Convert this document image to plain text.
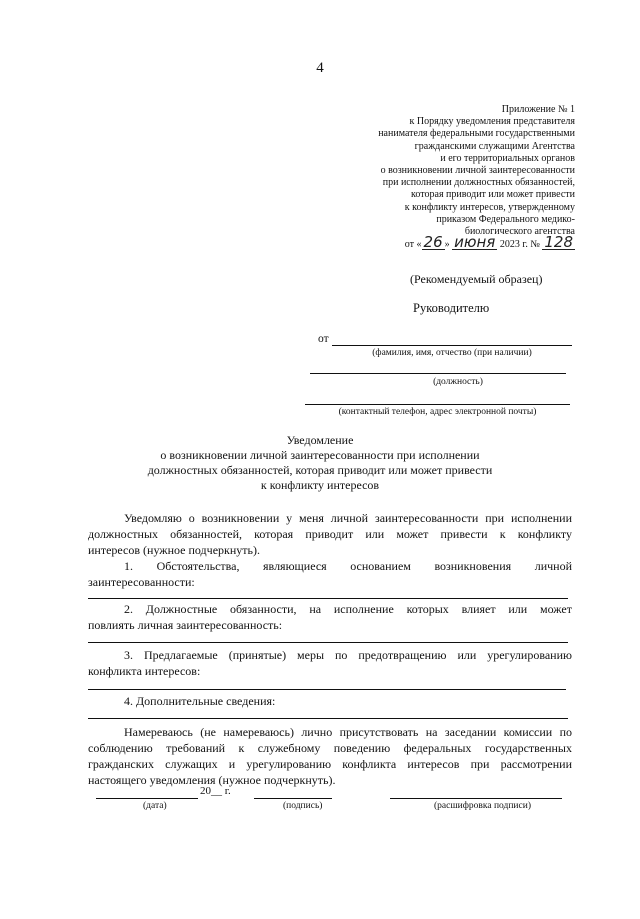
4
Приложение № 1
к Порядку уведомления представителя
нанимателя федеральными государственными
гражданскими служащими Агентства
и его территориальных органов
о возникновении личной заинтересованности
при исполнении должностных обязанностей,
которая приводит или может привести
к конфликту интересов, утвержденному
приказом Федерального медико-
биологического агентства
от « 26 » июня 2023 г. № 128
(Рекомендуемый образец)
Руководителю
от
(фамилия, имя, отчество (при наличии)
(должность)
(контактный телефон, адрес электронной почты)
Уведомление
о возникновении личной заинтересованности при исполнении
должностных обязанностей, которая приводит или может привести
к конфликту интересов
Уведомляю о возникновении у меня личной заинтересованности при исполнении
должностных обязанностей, которая приводит или может привести к конфликту
интересов (нужное подчеркнуть).
1. Обстоятельства, являющиеся основанием возникновения личной
заинтересованности:
2. Должностные обязанности, на исполнение которых влияет или может
повлиять личная заинтересованность:
3. Предлагаемые (принятые) меры по предотвращению или урегулированию
конфликта интересов:
4. Дополнительные сведения:
Намереваюсь (не намереваюсь) лично присутствовать на заседании комиссии по
соблюдению требований к служебному поведению федеральных государственных
гражданских служащих и урегулированию конфликта интересов при рассмотрении
настоящего уведомления (нужное подчеркнуть).
20__ г.
(дата)	(подпись)	(расшифровка подписи)
